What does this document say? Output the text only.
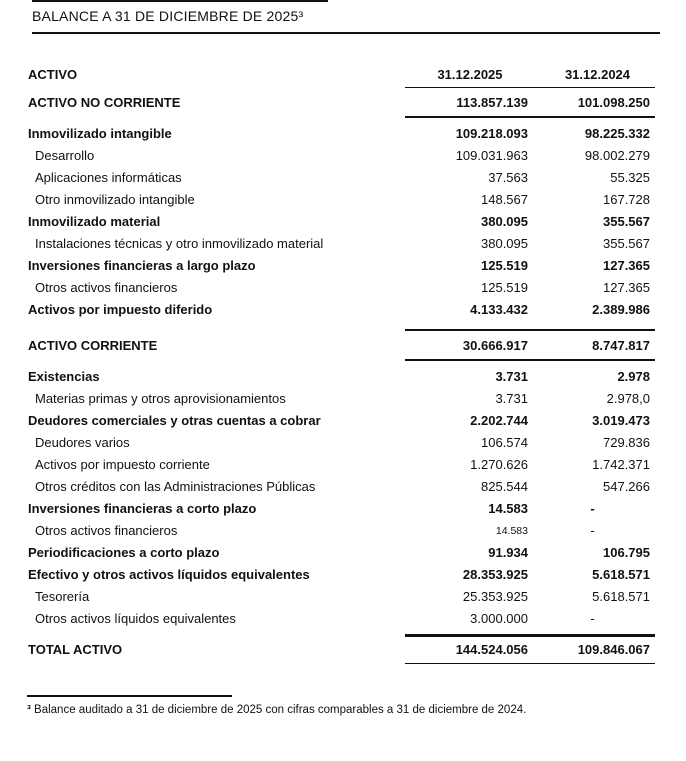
BALANCE A 31 DE DICIEMBRE DE 2025³
ACTIVO	31.12.2025	31.12.2024
ACTIVO NO CORRIENTE	113.857.139	101.098.250
Inmovilizado intangible	109.218.093	98.225.332
Desarrollo	109.031.963	98.002.279
Aplicaciones informáticas	37.563	55.325
Otro inmovilizado intangible	148.567	167.728
Inmovilizado material	380.095	355.567
Instalaciones técnicas y otro inmovilizado material	380.095	355.567
Inversiones financieras a largo plazo	125.519	127.365
Otros activos financieros	125.519	127.365
Activos por impuesto diferido	4.133.432	2.389.986
ACTIVO CORRIENTE	30.666.917	8.747.817
Existencias	3.731	2.978
Materias primas y otros aprovisionamientos	3.731	2.978,0
Deudores comerciales y otras cuentas a cobrar	2.202.744	3.019.473
Deudores varios	106.574	729.836
Activos por impuesto corriente	1.270.626	1.742.371
Otros créditos con las Administraciones Públicas	825.544	547.266
Inversiones financieras a corto plazo	14.583	-
Otros activos financieros	14.583	-
Periodificaciones a corto plazo	91.934	106.795
Efectivo y otros activos líquidos equivalentes	28.353.925	5.618.571
Tesorería	25.353.925	5.618.571
Otros activos líquidos equivalentes	3.000.000	-
TOTAL ACTIVO	144.524.056	109.846.067
³ Balance auditado a 31 de diciembre de 2025 con cifras comparables a 31 de diciembre de 2024.
